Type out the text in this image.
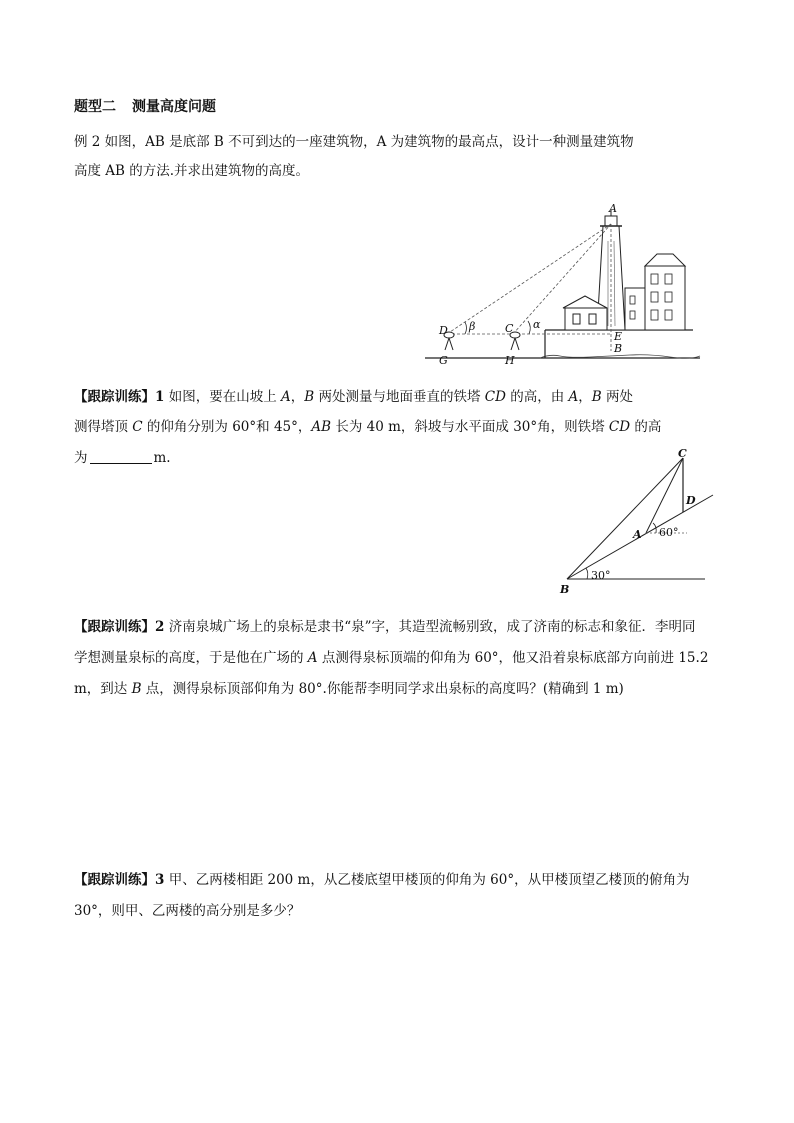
题型二 测量高度问题
例 2 如图，AB 是底部 B 不可到达的一座建筑物，A 为建筑物的最高点，设计一种测量建筑物
高度 AB 的方法.并求出建筑物的高度。
A
D	C
β	α
E
B
G	H
【跟踪训练】1 如图，要在山坡上 A，B 两处测量与地面垂直的铁塔 CD 的高，由 A，B 两处
测得塔顶 C 的仰角分别为 60°和 45°，AB 长为 40 m，斜坡与水平面成 30°角，则铁塔 CD 的高
为	m.	C
D
A
B
60°
30°
【跟踪训练】2 济南泉城广场上的泉标是隶书“泉”字，其造型流畅别致，成了济南的标志和象征．李明同
学想测量泉标的高度，于是他在广场的 A 点测得泉标顶端的仰角为 60°，他又沿着泉标底部方向前进 15.2
m，到达 B 点，测得泉标顶部仰角为 80°.你能帮李明同学求出泉标的高度吗？(精确到 1 m)
【跟踪训练】3 甲、乙两楼相距 200 m，从乙楼底望甲楼顶的仰角为 60°，从甲楼顶望乙楼顶的俯角为
30°，则甲、乙两楼的高分别是多少？
